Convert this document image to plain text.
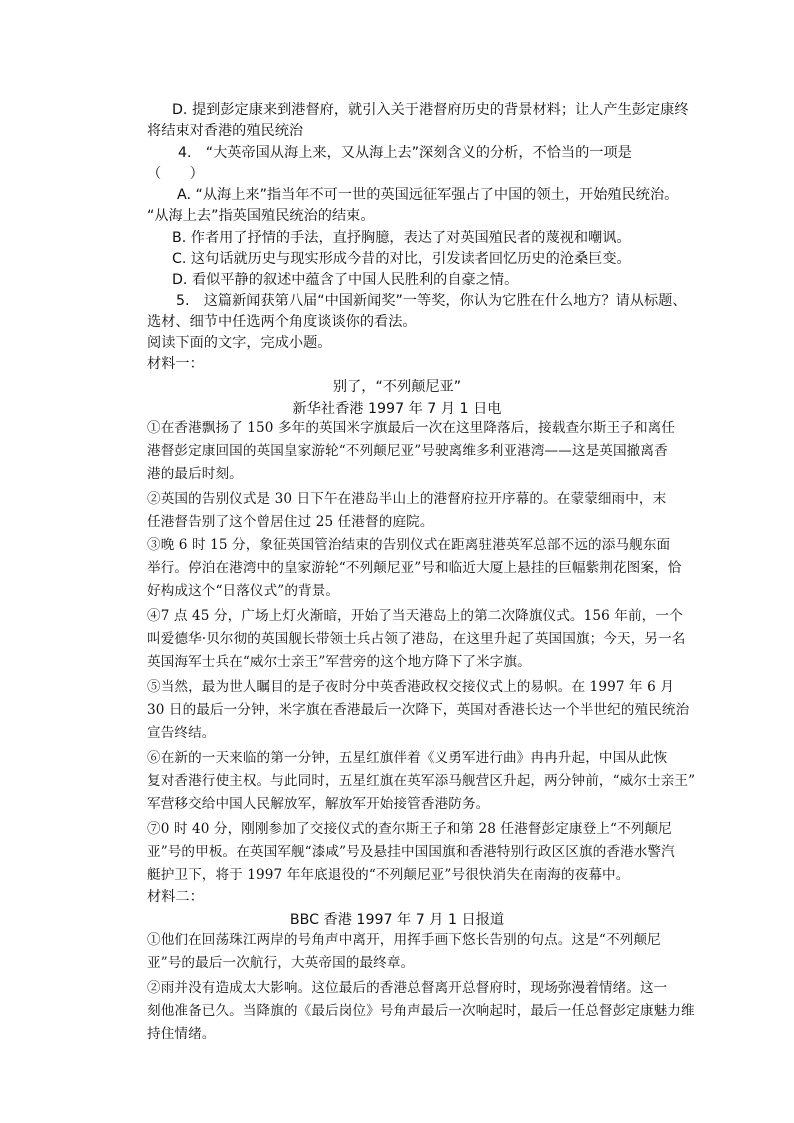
D. 提到彭定康来到港督府，就引入关于港督府历史的背景材料；让人产生彭定康终
将结束对香港的殖民统治
4.　“大英帝国从海上来，又从海上去”深刻含义的分析，不恰当的一项是
（　　）
A. “从海上来”指当年不可一世的英国远征军强占了中国的领土，开始殖民统治。
“从海上去”指英国殖民统治的结束。
B. 作者用了抒情的手法，直抒胸臆，表达了对英国殖民者的蔑视和嘲讽。
C. 这句话就历史与现实形成今昔的对比，引发读者回忆历史的沧桑巨变。
D. 看似平静的叙述中蕴含了中国人民胜利的自豪之情。
5.　这篇新闻获第八届“中国新闻奖”一等奖，你认为它胜在什么地方？请从标题、
选材、细节中任选两个角度谈谈你的看法。
阅读下面的文字，完成小题。
材料一：
别了，“不列颠尼亚”
新华社香港 1997 年 7 月 1 日电
①在香港飘扬了 150 多年的英国米字旗最后一次在这里降落后，接载查尔斯王子和离任
港督彭定康回国的英国皇家游轮“不列颠尼亚”号驶离维多利亚港湾——这是英国撤离香
港的最后时刻。
②英国的告别仪式是 30 日下午在港岛半山上的港督府拉开序幕的。在蒙蒙细雨中，末
任港督告别了这个曾居住过 25 任港督的庭院。
③晚 6 时 15 分，象征英国管治结束的告别仪式在距离驻港英军总部不远的添马舰东面
举行。停泊在港湾中的皇家游轮“不列颠尼亚”号和临近大厦上悬挂的巨幅紫荆花图案，恰
好构成这个“日落仪式”的背景。
④7 点 45 分，广场上灯火渐暗，开始了当天港岛上的第二次降旗仪式。156 年前，一个
叫爱德华·贝尔彻的英国舰长带领士兵占领了港岛，在这里升起了英国国旗；今天，另一名
英国海军士兵在“威尔士亲王”军营旁的这个地方降下了米字旗。
⑤当然，最为世人瞩目的是子夜时分中英香港政权交接仪式上的易帜。在 1997 年 6 月
30 日的最后一分钟，米字旗在香港最后一次降下，英国对香港长达一个半世纪的殖民统治
宣告终结。
⑥在新的一天来临的第一分钟，五星红旗伴着《义勇军进行曲》冉冉升起，中国从此恢
复对香港行使主权。与此同时，五星红旗在英军添马舰营区升起，两分钟前，“威尔士亲王”
军营移交给中国人民解放军，解放军开始接管香港防务。
⑦0 时 40 分，刚刚参加了交接仪式的查尔斯王子和第 28 任港督彭定康登上“不列颠尼
亚”号的甲板。在英国军舰“漆咸”号及悬挂中国国旗和香港特别行政区区旗的香港水警汽
艇护卫下，将于 1997 年年底退役的“不列颠尼亚”号很快消失在南海的夜幕中。
材料二：
BBC 香港 1997 年 7 月 1 日报道
①他们在回荡珠江两岸的号角声中离开，用挥手画下悠长告别的句点。这是“不列颠尼
亚”号的最后一次航行，大英帝国的最终章。
②雨并没有造成太大影响。这位最后的香港总督离开总督府时，现场弥漫着情绪。这一
刻他准备已久。当降旗的《最后岗位》号角声最后一次响起时，最后一任总督彭定康魅力维
持住情绪。
